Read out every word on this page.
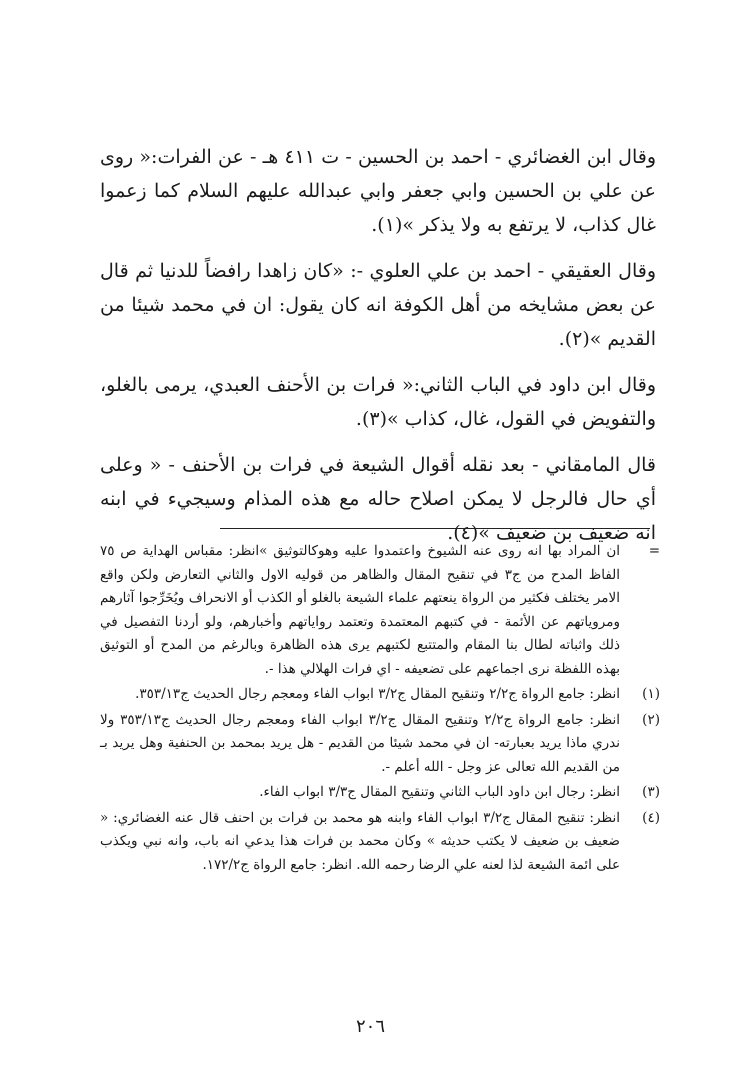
وقال ابن الغضائري - احمد بن الحسين - ت ٤١١ هـ - عن الفرات:« روى عن علي بن الحسين وابي جعفر وابي عبدالله عليهم السلام كما زعموا غال كذاب، لا يرتفع به ولا يذكر »(١).

وقال العقيقي - احمد بن علي العلوي -: «كان زاهدا رافضاً للدنيا ثم قال عن بعض مشايخه من أهل الكوفة انه كان يقول: ان في محمد شيئا من القديم »(٢).

وقال ابن داود في الباب الثاني:« فرات بن الأحنف العبدي، يرمى بالغلو، والتفويض في القول، غال، كذاب »(٣).

قال المامقاني - بعد نقله أقوال الشيعة في فرات بن الأحنف - « وعلى أي حال فالرجل لا يمكن اصلاح حاله مع هذه المذام وسيجيء في ابنه انه ضعيف بن ضعيف »(٤).

=
ان المراد بها انه روى عنه الشيوخ واعتمدوا عليه وهوكالتوثيق »انظر: مقباس الهداية ص ٧٥ الفاظ المدح من ج٣ في تنقيح المقال والظاهر من قوليه الاول والثاني التعارض ولكن واقع الامر يختلف فكثير من الرواة ينعتهم علماء الشيعة بالغلو أو الكذب أو الانحراف ويُخَرِّجوا آثارهم ومروياتهم عن الأئمة - في كتبهم المعتمدة وتعتمد رواياتهم وأخبارهم، ولو أردنا التفصيل في ذلك واثباته لطال بنا المقام والمتتبع لكتبهم يرى هذه الظاهرة وبالرغم من المدح أو التوثيق بهذه اللفظة نرى اجماعهم على تضعيفه - اي فرات الهلالي هذا -.
(١)
انظر: جامع الرواة ج٢/٢ وتنقيح المقال ج٣/٢ ابواب الفاء ومعجم رجال الحديث ج٣٥٣/١٣.
(٢)
انظر: جامع الرواة ج٢/٢ وتنقيح المقال ج٣/٢ ابواب الفاء ومعجم رجال الحديث ج٣٥٣/١٣ ولا ندري ماذا يريد بعبارته- ان في محمد شيئا من القديم - هل يريد بمحمد بن الحنفية وهل يريد بـ من القديم الله تعالى عز وجل - الله أعلم -.
(٣)
انظر: رجال ابن داود الباب الثاني وتنقيح المقال ج٣/٣ ابواب الفاء.
(٤)
انظر: تنقيح المقال ج٣/٢ ابواب الفاء وابنه هو محمد بن فرات بن احنف قال عنه الغضائري: « ضعيف بن ضعيف لا يكتب حديثه » وكان محمد بن فرات هذا يدعي انه باب، وانه نبي ويكذب على ائمة الشيعة لذا لعنه علي الرضا رحمه الله. انظر: جامع الرواة ج١٧٢/٢.
٢٠٦
